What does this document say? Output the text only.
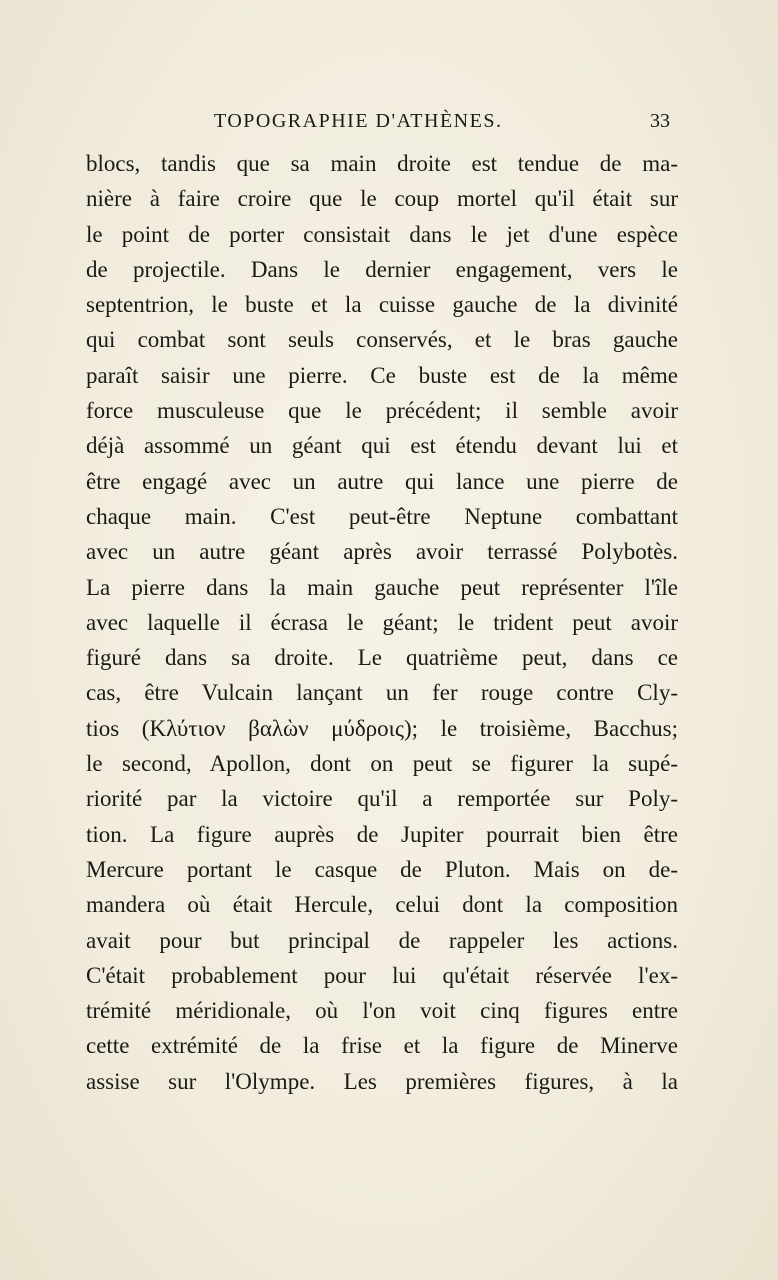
TOPOGRAPHIE D'ATHÈNES.	33
blocs, tandis que sa main droite est tendue de ma-
nière à faire croire que le coup mortel qu'il était sur
le point de porter consistait dans le jet d'une espèce
de projectile. Dans le dernier engagement, vers le
septentrion, le buste et la cuisse gauche de la divinité
qui combat sont seuls conservés, et le bras gauche
paraît saisir une pierre. Ce buste est de la même
force musculeuse que le précédent; il semble avoir
déjà assommé un géant qui est étendu devant lui et
être engagé avec un autre qui lance une pierre de
chaque main. C'est peut-être Neptune combattant
avec un autre géant après avoir terrassé Polybotès.
La pierre dans la main gauche peut représenter l'île
avec laquelle il écrasa le géant; le trident peut avoir
figuré dans sa droite. Le quatrième peut, dans ce
cas, être Vulcain lançant un fer rouge contre Cly-
tios (Κλύτιον βαλὼν μύδροις); le troisième, Bacchus;
le second, Apollon, dont on peut se figurer la supé-
riorité par la victoire qu'il a remportée sur Poly-
tion. La figure auprès de Jupiter pourrait bien être
Mercure portant le casque de Pluton. Mais on de-
mandera où était Hercule, celui dont la composition
avait pour but principal de rappeler les actions.
C'était probablement pour lui qu'était réservée l'ex-
trémité méridionale, où l'on voit cinq figures entre
cette extrémité de la frise et la figure de Minerve
assise sur l'Olympe. Les premières figures, à la
